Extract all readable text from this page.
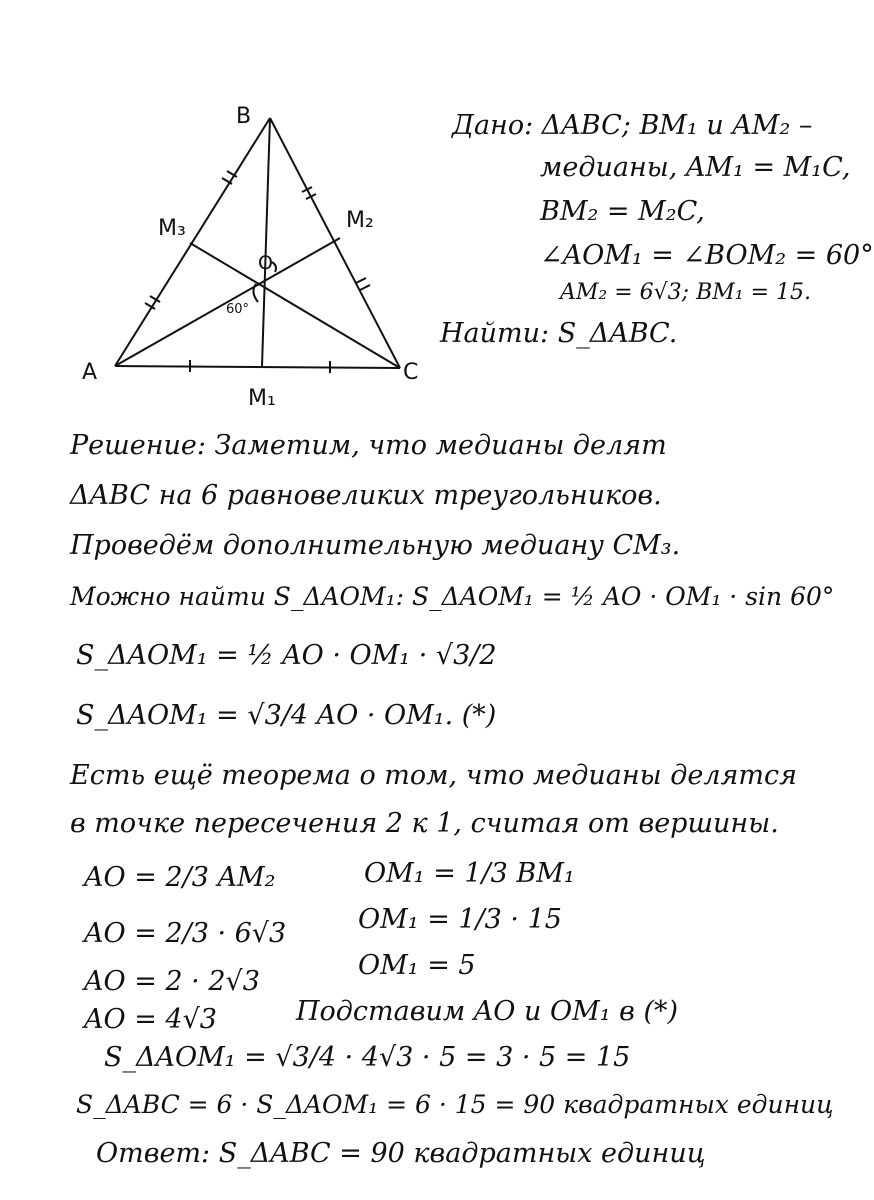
B
A	C
M₁
M₂
M₃
O
60°
Дано: ΔABC; BM₁ и AM₂ –
медианы, AM₁ = M₁C,
BM₂ = M₂C,
∠AOM₁ = ∠BOM₂ = 60°
AM₂ = 6√3; BM₁ = 15.
Найти: S_ΔABC.
Решение: Заметим, что медианы делят
ΔABC на 6 равновеликих треугольников.
Проведём дополнительную медиану CM₃.
Можно найти S_ΔAOM₁: S_ΔAOM₁ = ½ AO · OM₁ · sin 60°
S_ΔAOM₁ = ½ AO · OM₁ · √3/2
S_ΔAOM₁ = √3/4 AO · OM₁. (*)
Есть ещё теорема о том, что медианы делятся
в точке пересечения 2 к 1, считая от вершины.
AO = 2/3 AM₂
AO = 2/3 · 6√3
AO = 2 · 2√3
AO = 4√3
OM₁ = 1/3 BM₁
OM₁ = 1/3 · 15
OM₁ = 5
Подставим AO и OM₁ в (*)
S_ΔAOM₁ = √3/4 · 4√3 · 5 = 3 · 5 = 15
S_ΔABC = 6 · S_ΔAOM₁ = 6 · 15 = 90 квадратных единиц
Ответ: S_ΔABC = 90 квадратных единиц
